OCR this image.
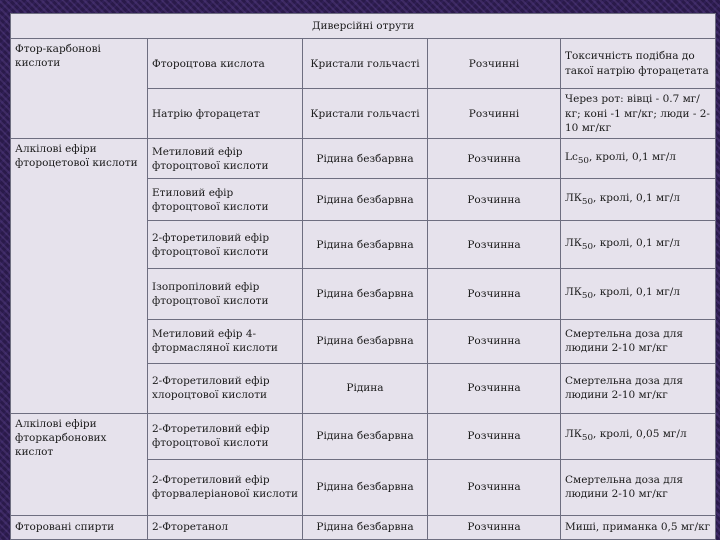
Диверсійні отрути				
Фтор-карбонові кислоти	Фтороцтова кислота	Кристали гольчасті	Розчинні	Токсичність подібна до такої натрію фторацетата
	Натрію фторацетат	Кристали гольчасті	Розчинні	Через рот: вівці - 0.7 мг/кг; коні -1 мг/кг; люди - 2-10 мг/кг
Алкілові ефіри фтороцетової кислоти	Метиловий ефір фтороцтової кислоти	Рідина безбарвна	Розчинна	$Lc_{50}$, кролі, 0,1 мг/л
	Етиловий ефір фтороцтової кислоти	Рідина безбарвна	Розчинна	$ЛК_{50}$, кролі, 0,1 мг/л
	2-фторетиловий ефір фтороцтової кислоти	Рідина безбарвна	Розчинна	$ЛК_{50}$, кролі, 0,1 мг/л
	Ізопропіловий ефір фтороцтової кислоти	Рідина безбарвна	Розчинна	$ЛК_{50}$, кролі, 0,1 мг/л
	Метиловий ефір 4-фтормасляної кислоти	Рідина безбарвна	Розчинна	Смертельна доза для людини 2-10 мг/кг
	2-Фторетиловий ефір хлороцтової кислоти	Рідина	Розчинна	Смертельна доза для людини 2-10 мг/кг
Алкілові ефіри фторкарбонових кислот	2-Фторетиловий ефір фтороцтової кислоти	Рідина безбарвна	Розчинна	$ЛК_{50}$, кролі, 0,05 мг/л
	2-Фторетиловий ефір фторвалеріанової кислоти	Рідина безбарвна	Розчинна	Смертельна доза для людини 2-10 мг/кг
Фторовані спирти	2-Фторетанол	Рідина безбарвна	Розчинна	Миші, приманка 0,5 мг/кг
